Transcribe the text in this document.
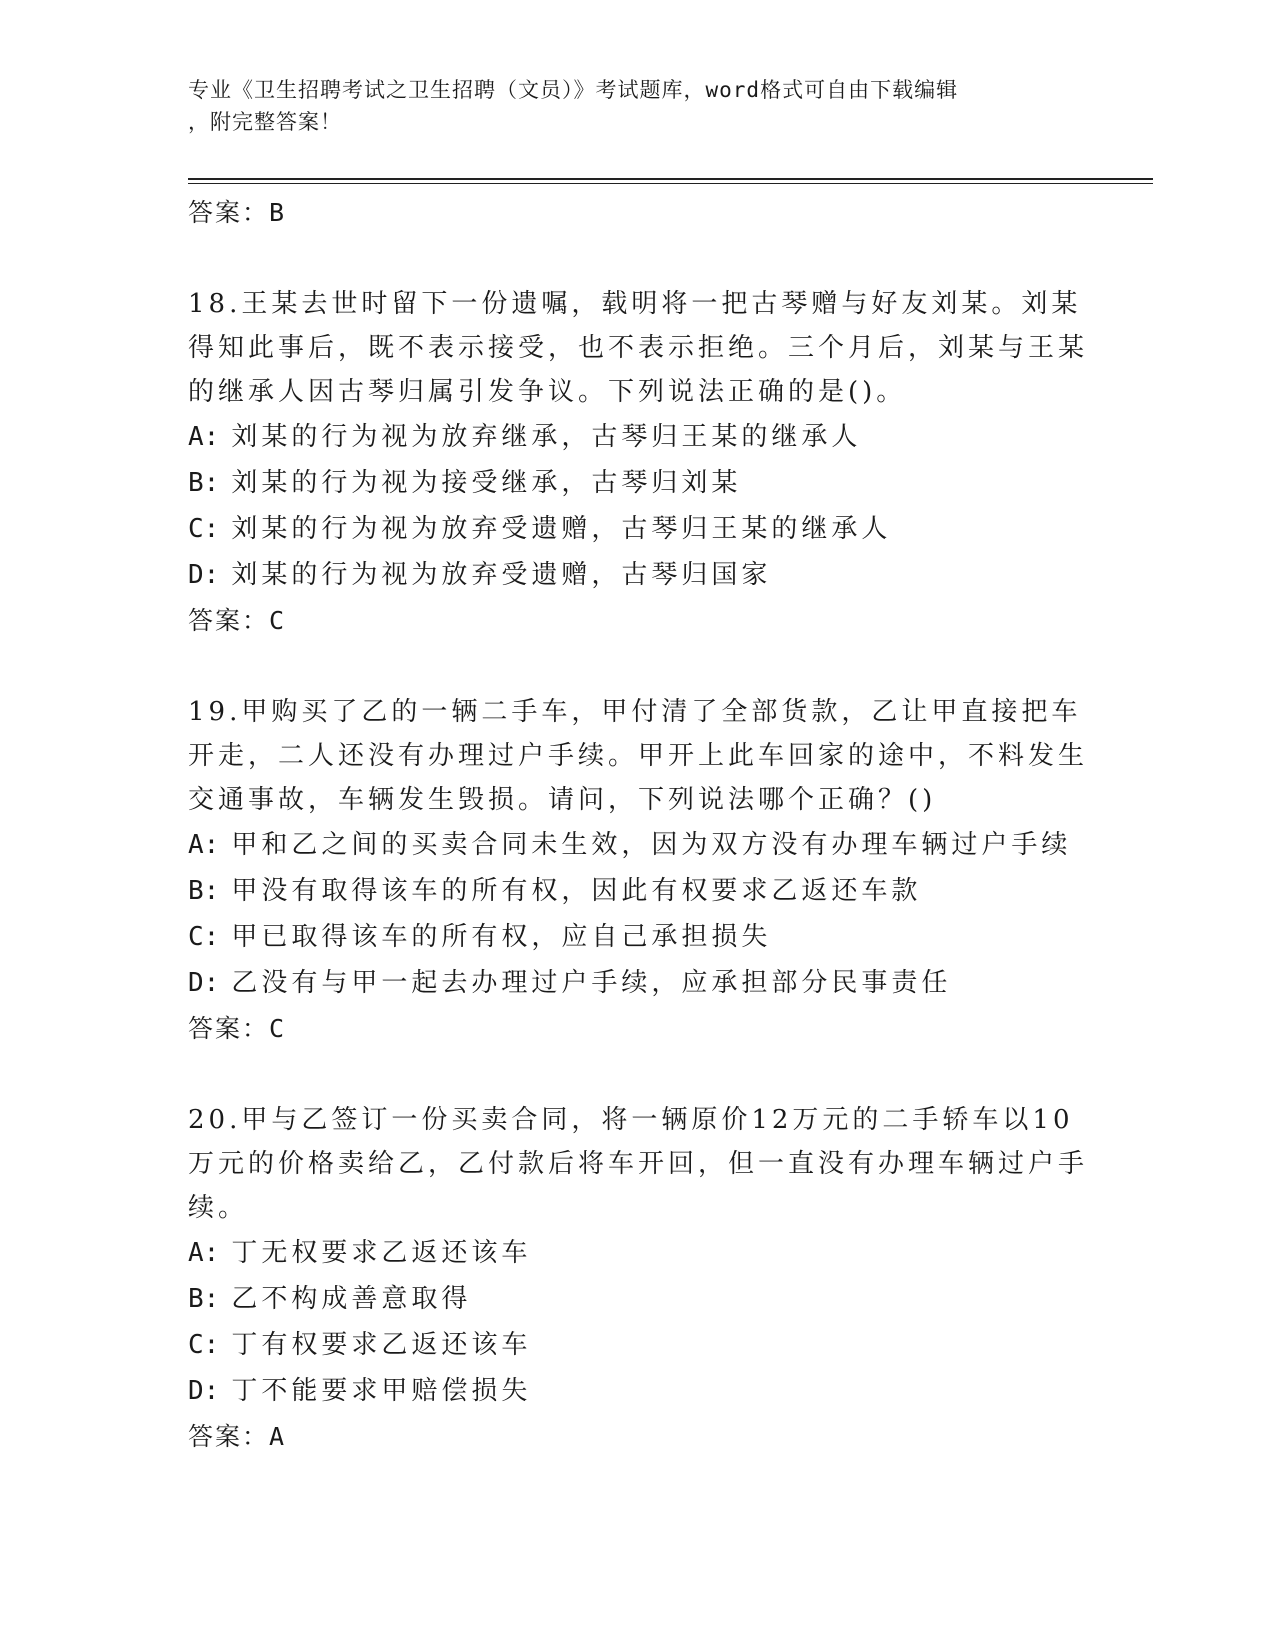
专业《卫生招聘考试之卫生招聘（文员）》考试题库，word格式可自由下载编辑
，附完整答案！
答案：B
18.王某去世时留下一份遗嘱，载明将一把古琴赠与好友刘某。刘某得知此事后，既不表示接受，也不表示拒绝。三个月后，刘某与王某的继承人因古琴归属引发争议。下列说法正确的是()。
A: 刘某的行为视为放弃继承，古琴归王某的继承人
B: 刘某的行为视为接受继承，古琴归刘某
C: 刘某的行为视为放弃受遗赠，古琴归王某的继承人
D: 刘某的行为视为放弃受遗赠，古琴归国家
答案：C
19.甲购买了乙的一辆二手车，甲付清了全部货款，乙让甲直接把车开走，二人还没有办理过户手续。甲开上此车回家的途中，不料发生交通事故，车辆发生毁损。请问，下列说法哪个正确？()
A: 甲和乙之间的买卖合同未生效，因为双方没有办理车辆过户手续
B: 甲没有取得该车的所有权，因此有权要求乙返还车款
C: 甲已取得该车的所有权，应自己承担损失
D: 乙没有与甲一起去办理过户手续，应承担部分民事责任
答案：C
20.甲与乙签订一份买卖合同，将一辆原价12万元的二手轿车以10万元的价格卖给乙，乙付款后将车开回，但一直没有办理车辆过户手续。
A: 丁无权要求乙返还该车
B: 乙不构成善意取得
C: 丁有权要求乙返还该车
D: 丁不能要求甲赔偿损失
答案：A
